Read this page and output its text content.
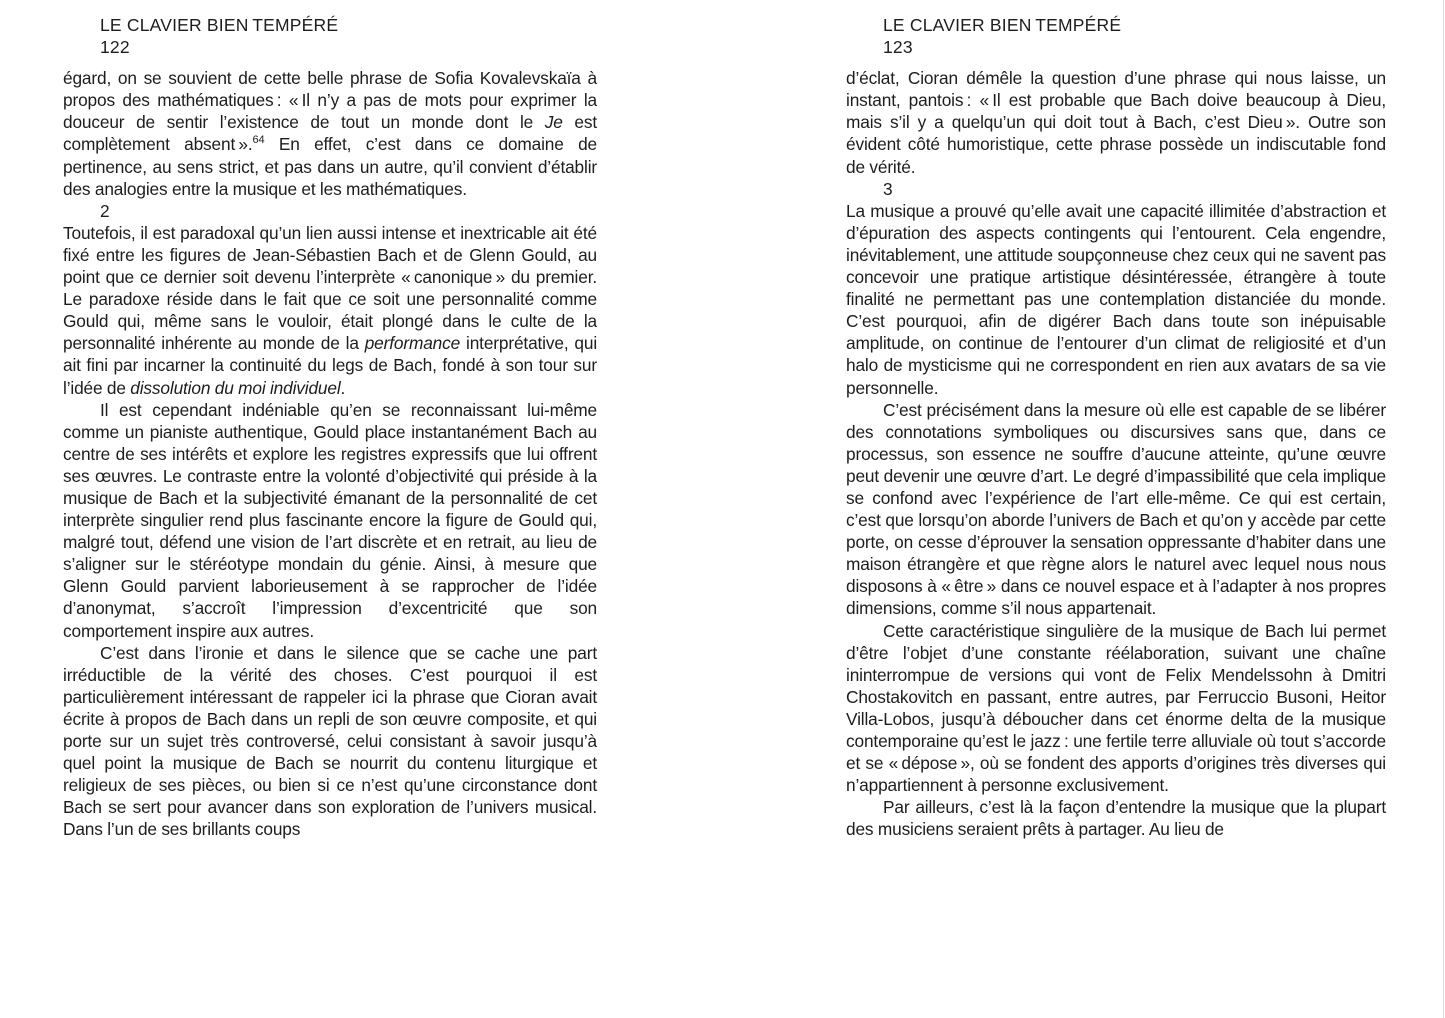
LE CLAVIER BIEN TEMPÉRÉ
122

égard, on se souvient de cette belle phrase de Sofia Kovalevskaïa à propos des mathématiques : « Il n’y a pas de mots pour exprimer la douceur de sentir l’existence de tout un monde dont le Je est complètement absent ».$^{64}$ En effet, c’est dans ce domaine de pertinence, au sens strict, et pas dans un autre, qu’il convient d’établir des analogies entre la musique et les mathématiques.

2

Toutefois, il est paradoxal qu’un lien aussi intense et inextricable ait été fixé entre les figures de Jean-Sébastien Bach et de Glenn Gould, au point que ce dernier soit devenu l’interprète « canonique » du premier. Le paradoxe réside dans le fait que ce soit une personnalité comme Gould qui, même sans le vouloir, était plongé dans le culte de la personnalité inhérente au monde de la performance interprétative, qui ait fini par incarner la continuité du legs de Bach, fondé à son tour sur l’idée de dissolution du moi individuel.

Il est cependant indéniable qu’en se reconnaissant lui-même comme un pianiste authentique, Gould place instantanément Bach au centre de ses intérêts et explore les registres expressifs que lui offrent ses œuvres. Le contraste entre la volonté d’objectivité qui préside à la musique de Bach et la subjectivité émanant de la personnalité de cet interprète singulier rend plus fascinante encore la figure de Gould qui, malgré tout, défend une vision de l’art discrète et en retrait, au lieu de s’aligner sur le stéréotype mondain du génie. Ainsi, à mesure que Glenn Gould parvient laborieusement à se rapprocher de l’idée d’anonymat, s’accroît l’impression d’excentricité que son comportement inspire aux autres.

C’est dans l’ironie et dans le silence que se cache une part irréductible de la vérité des choses. C’est pourquoi il est particulièrement intéressant de rappeler ici la phrase que Cioran avait écrite à propos de Bach dans un repli de son œuvre composite, et qui porte sur un sujet très controversé, celui consistant à savoir jusqu’à quel point la musique de Bach se nourrit du contenu liturgique et religieux de ses pièces, ou bien si ce n’est qu’une circonstance dont Bach se sert pour avancer dans son exploration de l’univers musical. Dans l’un de ses brillants coups

LE CLAVIER BIEN TEMPÉRÉ
123

d’éclat, Cioran démêle la question d’une phrase qui nous laisse, un instant, pantois : « Il est probable que Bach doive beaucoup à Dieu, mais s’il y a quelqu’un qui doit tout à Bach, c’est Dieu ». Outre son évident côté humoristique, cette phrase possède un indiscutable fond de vérité.

3

La musique a prouvé qu’elle avait une capacité illimitée d’abstraction et d’épuration des aspects contingents qui l’entourent. Cela engendre, inévitablement, une attitude soupçonneuse chez ceux qui ne savent pas concevoir une pratique artistique désintéressée, étrangère à toute finalité ne permettant pas une contemplation distanciée du monde. C’est pourquoi, afin de digérer Bach dans toute son inépuisable amplitude, on continue de l’entourer d’un climat de religiosité et d’un halo de mysticisme qui ne correspondent en rien aux avatars de sa vie personnelle.

C’est précisément dans la mesure où elle est capable de se libérer des connotations symboliques ou discursives sans que, dans ce processus, son essence ne souffre d’aucune atteinte, qu’une œuvre peut devenir une œuvre d’art. Le degré d’impassibilité que cela implique se confond avec l’expérience de l’art elle-même. Ce qui est certain, c’est que lorsqu’on aborde l’univers de Bach et qu’on y accède par cette porte, on cesse d’éprouver la sensation oppressante d’habiter dans une maison étrangère et que règne alors le naturel avec lequel nous nous disposons à « être » dans ce nouvel espace et à l’adapter à nos propres dimensions, comme s’il nous appartenait.

Cette caractéristique singulière de la musique de Bach lui permet d’être l’objet d’une constante réélaboration, suivant une chaîne ininterrompue de versions qui vont de Felix Mendelssohn à Dmitri Chostakovitch en passant, entre autres, par Ferruccio Busoni, Heitor Villa-Lobos, jusqu’à déboucher dans cet énorme delta de la musique contemporaine qu’est le jazz : une fertile terre alluviale où tout s’accorde et se « dépose », où se fondent des apports d’origines très diverses qui n’appartiennent à personne exclusivement.

Par ailleurs, c’est là la façon d’entendre la musique que la plupart des musiciens seraient prêts à partager. Au lieu de
